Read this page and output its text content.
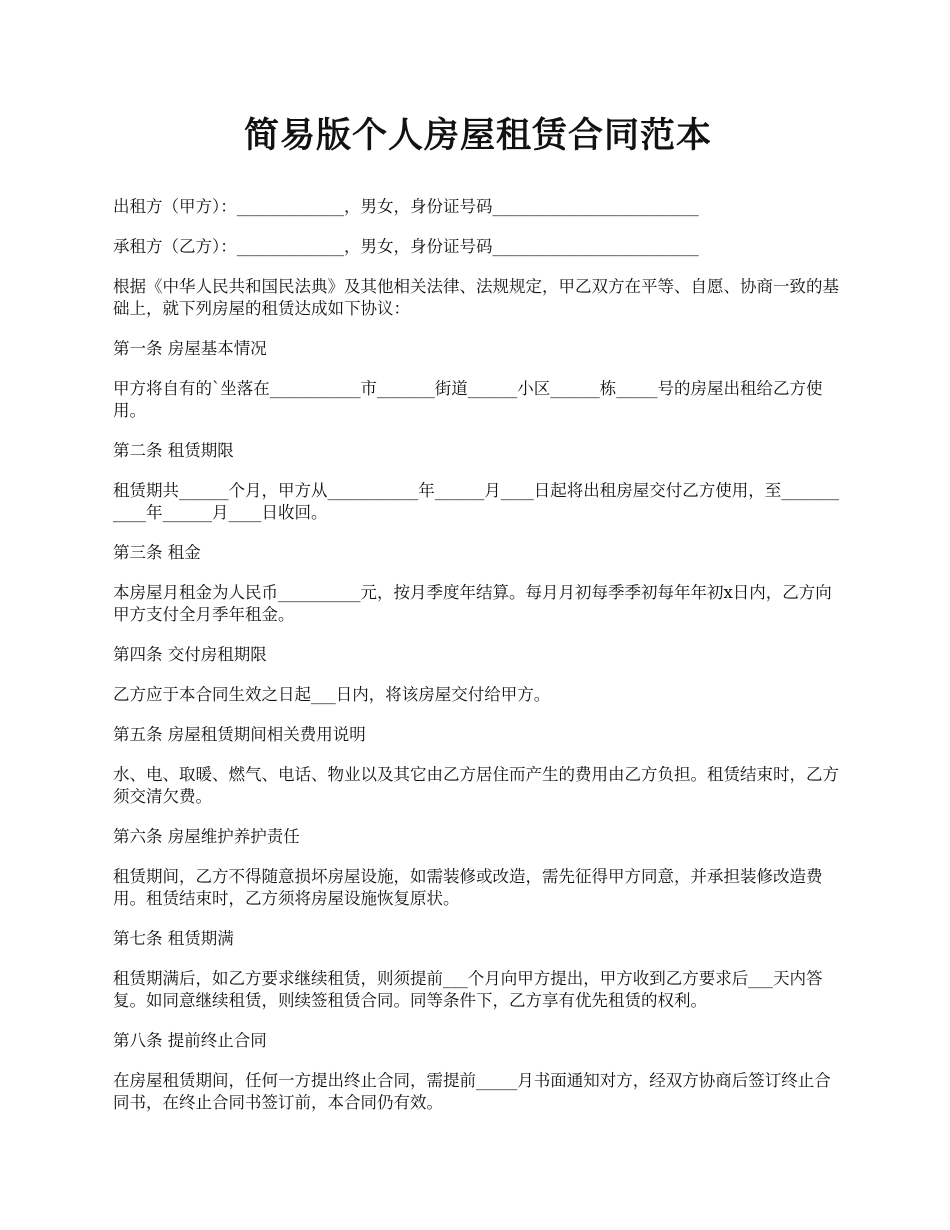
简易版个人房屋租赁合同范本

出租方（甲方）：_____________，男女，身份证号码_________________________

承租方（乙方）：_____________，男女，身份证号码_________________________

根据《中华人民共和国民法典》及其他相关法律、法规规定，甲乙双方在平等、自愿、协商一致的基础上，就下列房屋的租赁达成如下协议：

第一条 房屋基本情况

甲方将自有的`坐落在___________市_______街道______小区______栋_____号的房屋出租给乙方使用。

第二条 租赁期限

租赁期共______个月，甲方从___________年______月____日起将出租房屋交付乙方使用，至___________年______月____日收回。

第三条 租金

本房屋月租金为人民币__________元，按月季度年结算。每月月初每季季初每年年初x日内，乙方向甲方支付全月季年租金。

第四条 交付房租期限

乙方应于本合同生效之日起___日内，将该房屋交付给甲方。

第五条 房屋租赁期间相关费用说明

水、电、取暖、燃气、电话、物业以及其它由乙方居住而产生的费用由乙方负担。租赁结束时，乙方须交清欠费。

第六条 房屋维护养护责任

租赁期间，乙方不得随意损坏房屋设施，如需装修或改造，需先征得甲方同意，并承担装修改造费用。租赁结束时，乙方须将房屋设施恢复原状。

第七条 租赁期满

租赁期满后，如乙方要求继续租赁，则须提前___个月向甲方提出，甲方收到乙方要求后___天内答复。如同意继续租赁，则续签租赁合同。同等条件下，乙方享有优先租赁的权利。

第八条 提前终止合同

在房屋租赁期间，任何一方提出终止合同，需提前_____月书面通知对方，经双方协商后签订终止合同书，在终止合同书签订前，本合同仍有效。
